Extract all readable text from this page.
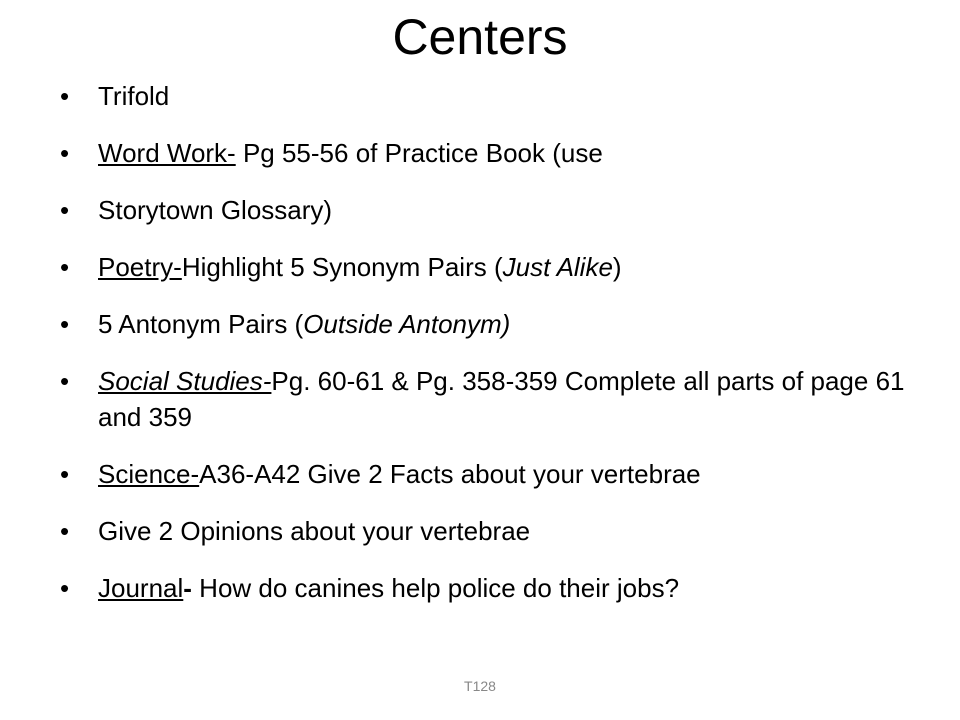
Centers
•	Trifold
•	Word Work- Pg 55-56 of Practice Book (use
•	Storytown Glossary)
•	Poetry-Highlight 5 Synonym Pairs (Just Alike)
•	5 Antonym Pairs (Outside Antonym)
•	Social Studies-Pg. 60-61 & Pg. 358-359 Complete all parts of page 61 and 359
•	Science-A36-A42 Give 2 Facts about your vertebrae
•	Give 2 Opinions about your vertebrae
•	Journal- How do canines help police do their jobs?
T128
